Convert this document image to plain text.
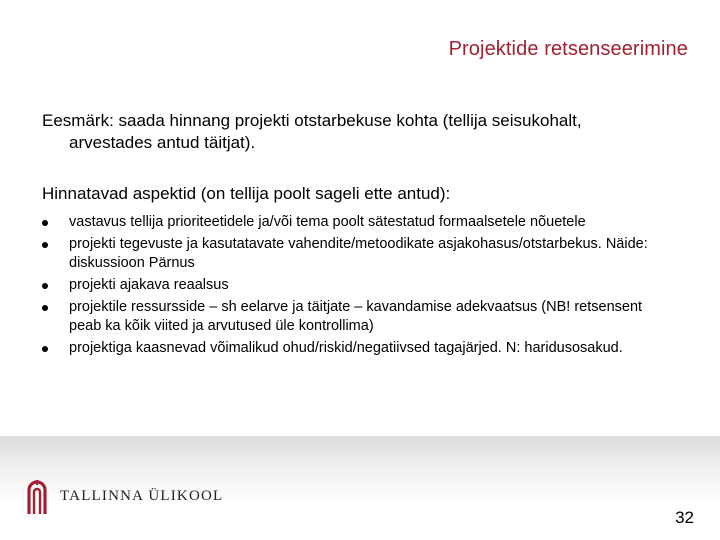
Projektide retsenseerimine
Eesmärk: saada hinnang projekti otstarbekuse kohta (tellija seisukohalt,
arvestades antud täitjat).
Hinnatavad aspektid (on tellija poolt sageli ette antud):
vastavus tellija prioriteetidele ja/või tema poolt sätestatud formaalsetele nõuetele
projekti tegevuste ja kasutatavate vahendite/metoodikate asjakohasus/otstarbekus. Näide: diskussioon Pärnus
projekti ajakava reaalsus
projektile ressursside – sh eelarve ja täitjate – kavandamise adekvaatsus (NB! retsensent peab ka kõik viited ja arvutused üle kontrollima)
projektiga kaasnevad võimalikud ohud/riskid/negatiivsed tagajärjed. N: haridusosakud.
TALLINNA ÜLIKOOL
32
